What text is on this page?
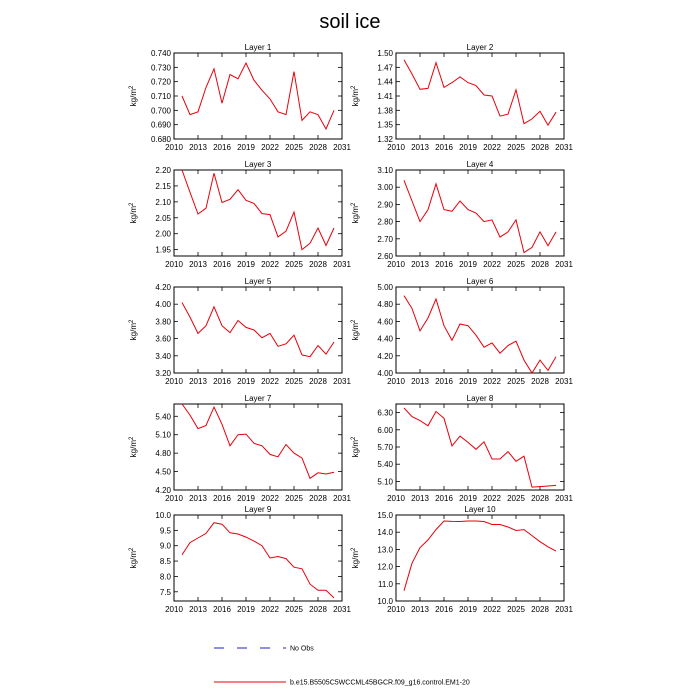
soil ice
Layer 1
2010 2013 2016 2019 2022 2025 2028 2031
0.680
0.690
0.700
0.710
0.720
0.730
0.740
$kg/m^2$
Layer 2
2010 2013 2016 2019 2022 2025 2028 2031
1.32
1.35
1.38
1.41
1.44
1.47
1.50
$kg/m^2$
Layer 3
2010 2013 2016 2019 2022 2025 2028 2031
1.95
2.00
2.05
2.10
2.15
2.20
$kg/m^2$
Layer 4
2010 2013 2016 2019 2022 2025 2028 2031
2.60
2.70
2.80
2.90
3.00
3.10
$kg/m^2$
Layer 5
2010 2013 2016 2019 2022 2025 2028 2031
3.20
3.40
3.60
3.80
4.00
4.20
$kg/m^2$
Layer 6
2010 2013 2016 2019 2022 2025 2028 2031
4.00
4.20
4.40
4.60
4.80
5.00
$kg/m^2$
Layer 7
2010 2013 2016 2019 2022 2025 2028 2031
4.20
4.50
4.80
5.10
5.40
$kg/m^2$
Layer 8
2010 2013 2016 2019 2022 2025 2028 2031
5.10
5.40
5.70
6.00
6.30
$kg/m^2$
Layer 9
2010 2013 2016 2019 2022 2025 2028 2031
7.5
8.0
8.5
9.0
9.5
10.0
$kg/m^2$
Layer 10
2010 2013 2016 2019 2022 2025 2028 2031
10.0
11.0
12.0
13.0
14.0
15.0
$kg/m^2$
No Obs
b.e15.B5505C5WCCML45BGCR.f09_g16.control.EM1-20
